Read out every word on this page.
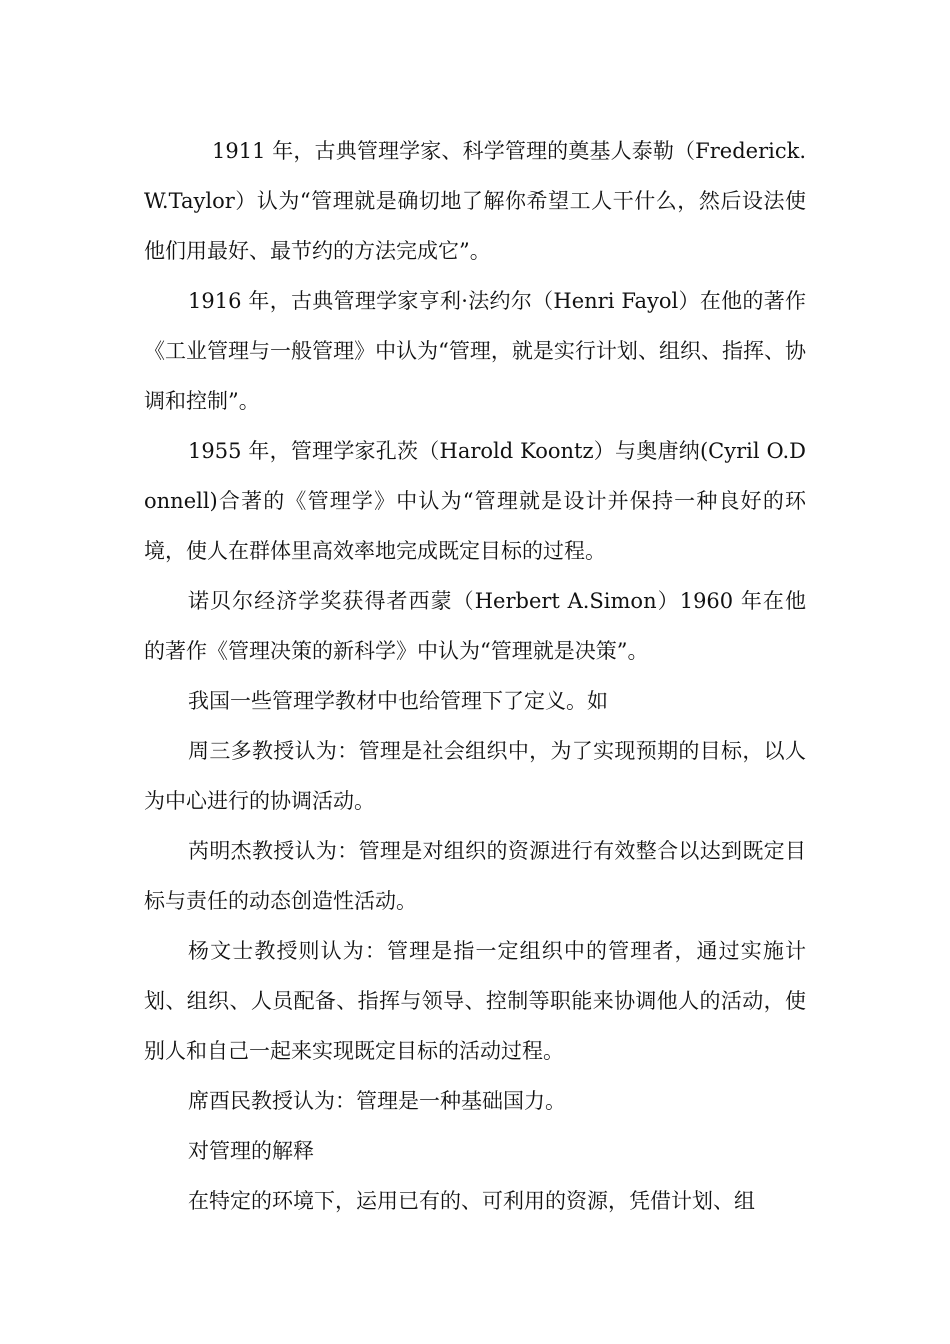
1911 年，古典管理学家、科学管理的奠基人泰勒（Frederick.W.Taylor）认为“管理就是确切地了解你希望工人干什么，然后设法使他们用最好、最节约的方法完成它”。

1916 年，古典管理学家亨利·法约尔（Henri Fayol）在他的著作《工业管理与一般管理》中认为“管理，就是实行计划、组织、指挥、协调和控制”。

1955 年，管理学家孔茨（Harold Koontz）与奥唐纳(Cyril O.Donnell)合著的《管理学》中认为“管理就是设计并保持一种良好的环境，使人在群体里高效率地完成既定目标的过程。

诺贝尔经济学奖获得者西蒙（Herbert A.Simon）1960 年在他的著作《管理决策的新科学》中认为“管理就是决策”。

我国一些管理学教材中也给管理下了定义。如

周三多教授认为：管理是社会组织中，为了实现预期的目标，以人为中心进行的协调活动。

芮明杰教授认为：管理是对组织的资源进行有效整合以达到既定目标与责任的动态创造性活动。

杨文士教授则认为：管理是指一定组织中的管理者，通过实施计划、组织、人员配备、指挥与领导、控制等职能来协调他人的活动，使别人和自己一起来实现既定目标的活动过程。

席酉民教授认为：管理是一种基础国力。

对管理的解释

在特定的环境下，运用已有的、可利用的资源，凭借计划、组
